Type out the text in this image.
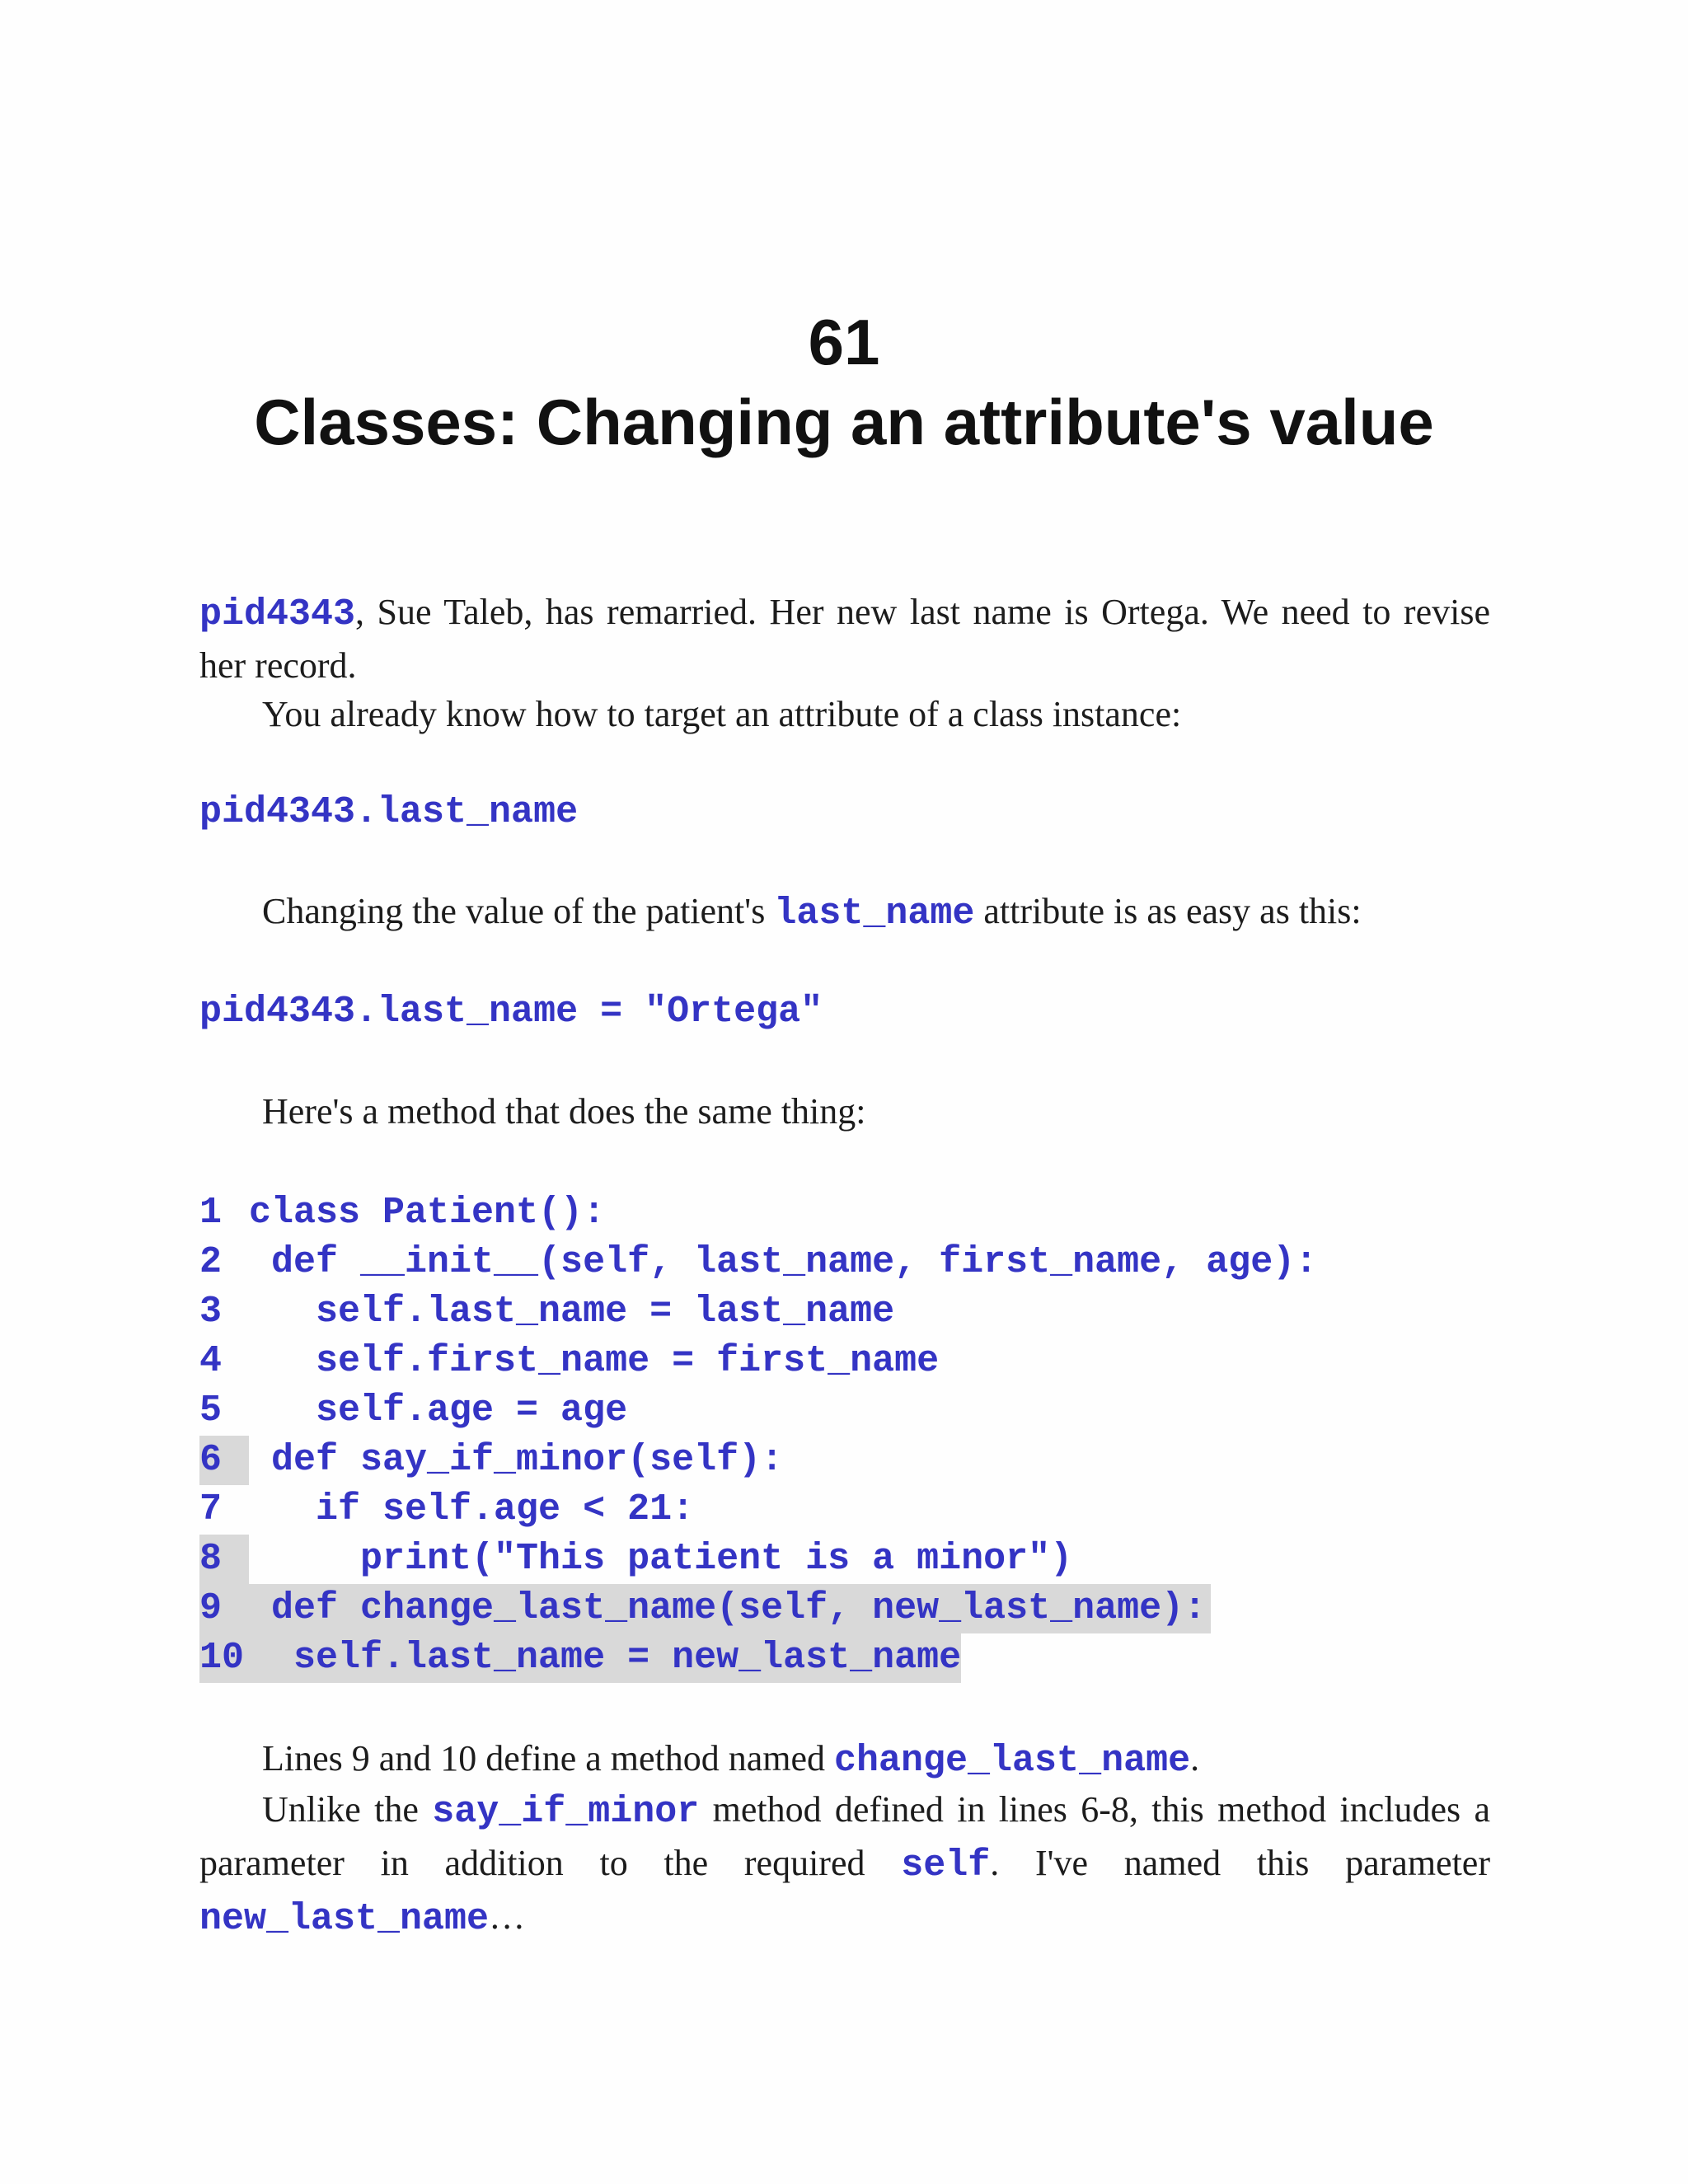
61
Classes: Changing an attribute's value

pid4343, Sue Taleb, has remarried. Her new last name is Ortega. We need to revise her record.

You already know how to target an attribute of a class instance:

pid4343.last_name

Changing the value of the patient's last_name attribute is as easy as this:

pid4343.last_name = "Ortega"

Here's a method that does the same thing:

1 class Patient():
2 def __init__(self, last_name, first_name, age):
3   self.last_name = last_name
4   self.first_name = first_name
5   self.age = age
6 def say_if_minor(self):
7   if self.age < 21:
8     print("This patient is a minor")
9 def change_last_name(self, new_last_name):
10  self.last_name = new_last_name

Lines 9 and 10 define a method named change_last_name.

Unlike the say_if_minor method defined in lines 6-8, this method includes a parameter in addition to the required self. I've named this parameter new_last_name…
